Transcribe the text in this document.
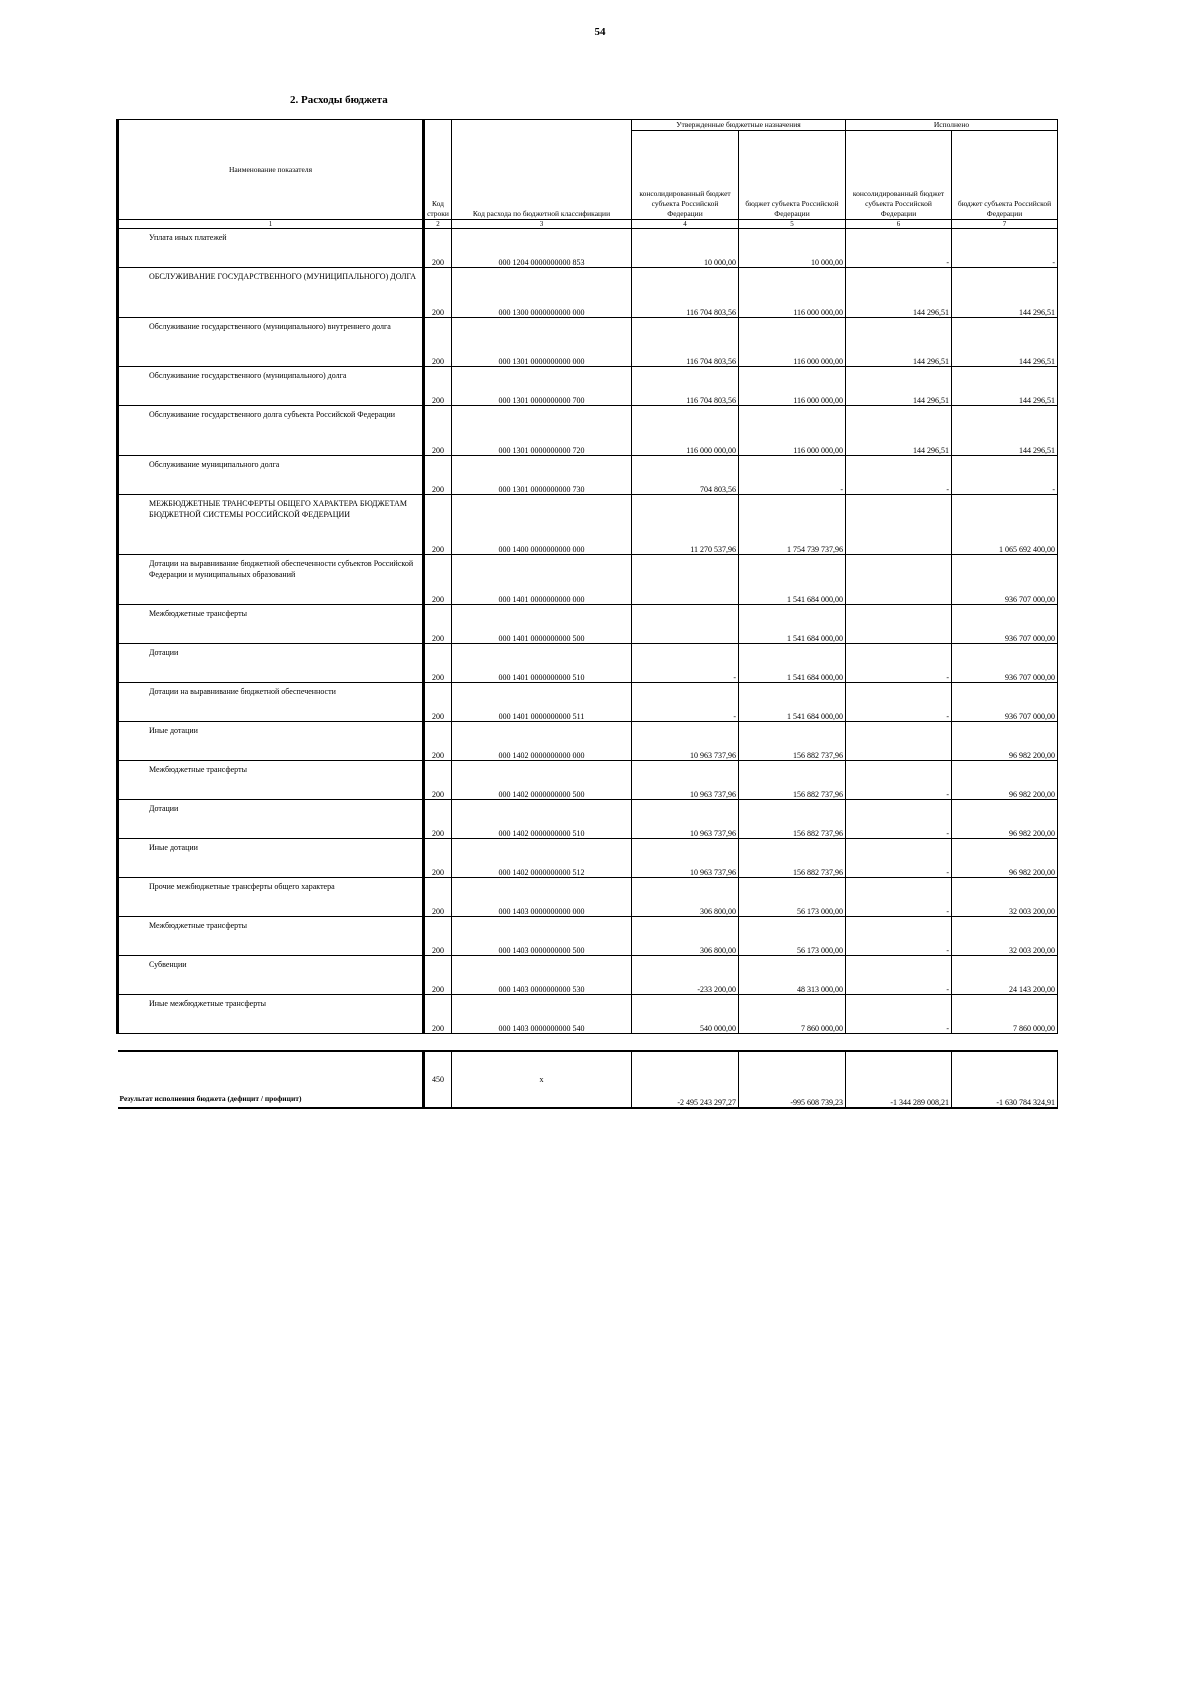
54
2. Расходы бюджета
Наименование показателя	Код строки	Код расхода по бюджетной классификации	Утвержденные бюджетные назначения		Исполнено	
			консолидированный бюджет субъекта Российской Федерации	бюджет субъекта Российской Федерации	консолидированный бюджет субъекта Российской Федерации	бюджет субъекта Российской Федерации
1	2	3	4	5	6	7
Уплата иных платежей	200	000 1204 0000000000 853	10 000,00	10 000,00	-	-
ОБСЛУЖИВАНИЕ ГОСУДАРСТВЕННОГО (МУНИЦИПАЛЬНОГО) ДОЛГА	200	000 1300 0000000000 000	116 704 803,56	116 000 000,00	144 296,51	144 296,51
Обслуживание государственного (муниципального) внутреннего долга	200	000 1301 0000000000 000	116 704 803,56	116 000 000,00	144 296,51	144 296,51
Обслуживание государственного (муниципального) долга	200	000 1301 0000000000 700	116 704 803,56	116 000 000,00	144 296,51	144 296,51
Обслуживание государственного долга субъекта Российской Федерации	200	000 1301 0000000000 720	116 000 000,00	116 000 000,00	144 296,51	144 296,51
Обслуживание муниципального долга	200	000 1301 0000000000 730	704 803,56	-	-	-
МЕЖБЮДЖЕТНЫЕ ТРАНСФЕРТЫ ОБЩЕГО ХАРАКТЕРА БЮДЖЕТАМ БЮДЖЕТНОЙ СИСТЕМЫ РОССИЙСКОЙ ФЕДЕРАЦИИ	200	000 1400 0000000000 000	11 270 537,96	1 754 739 737,96		1 065 692 400,00
Дотации на выравнивание бюджетной обеспеченности субъектов Российской Федерации и муниципальных образований	200	000 1401 0000000000 000		1 541 684 000,00		936 707 000,00
Межбюджетные трансферты	200	000 1401 0000000000 500		1 541 684 000,00		936 707 000,00
Дотации	200	000 1401 0000000000 510	-	1 541 684 000,00	-	936 707 000,00
Дотации на выравнивание бюджетной обеспеченности	200	000 1401 0000000000 511	-	1 541 684 000,00	-	936 707 000,00
Иные дотации	200	000 1402 0000000000 000	10 963 737,96	156 882 737,96		96 982 200,00
Межбюджетные трансферты	200	000 1402 0000000000 500	10 963 737,96	156 882 737,96	-	96 982 200,00
Дотации	200	000 1402 0000000000 510	10 963 737,96	156 882 737,96	-	96 982 200,00
Иные дотации	200	000 1402 0000000000 512	10 963 737,96	156 882 737,96	-	96 982 200,00
Прочие межбюджетные трансферты общего характера	200	000 1403 0000000000 000	306 800,00	56 173 000,00	-	32 003 200,00
Межбюджетные трансферты	200	000 1403 0000000000 500	306 800,00	56 173 000,00	-	32 003 200,00
Субвенции	200	000 1403 0000000000 530	-233 200,00	48 313 000,00	-	24 143 200,00
Иные межбюджетные трансферты	200	000 1403 0000000000 540	540 000,00	7 860 000,00	-	7 860 000,00

Результат исполнения бюджета (дефицит / профицит)	450	x	-2 495 243 297,27	-995 608 739,23	-1 344 289 008,21	-1 630 784 324,91
